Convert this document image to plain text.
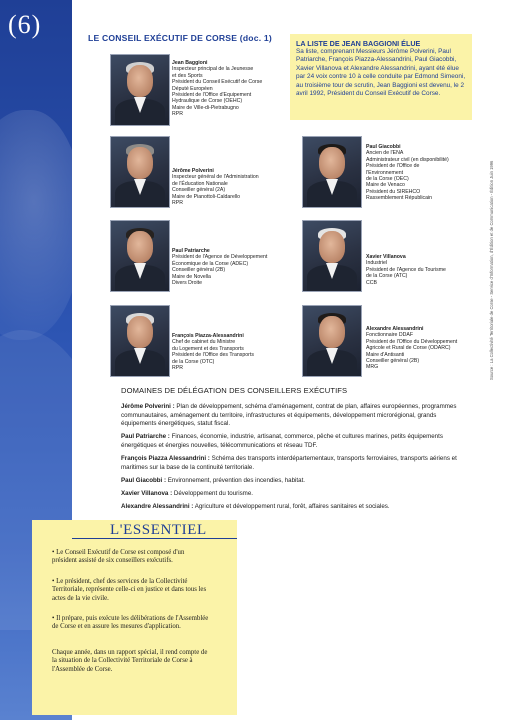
(6)	LE CONSEIL EXÉCUTIF DE CORSE (doc. 1)
LA LISTE DE JEAN BAGGIONI ÉLUE
Sa liste, comprenant Messieurs Jérôme Polverini, Paul Patriarche, François Piazza-Alessandrini, Paul Giacobbi, Xavier Villanova et Alexandre Alessandrini, ayant été élue par 24 voix contre 10 à celle conduite par Edmond Simeoni, au troisième tour de scrutin, Jean Baggioni est devenu, le 2 avril 1992, Président du Conseil Exécutif de Corse.
Jean Baggioni
Inspecteur principal de la Jeunesse
et des Sports
Président du Conseil Exécutif de Corse
Député Européen
Président de l'Office d'Equipement
Hydraulique de Corse (OEHC)
Maire de Ville-di-Pietrabugno
RPR
Jérôme Polverini
Inspecteur général de l'Administration
de l'Éducation Nationale
Conseiller général (2A)
Maire de Pianottoli-Caldarello
RPR
Paul Giacobbi
Ancien de l'ENA
Administrateur civil (en disponibilité)
Président de l'Office de
l'Environnement
de la Corse (OEC)
Maire de Venaco
Président du SIREHCO
Rassemblement Républicain
Paul Patriarche
Président de l'Agence de Développement
Économique de la Corse (ADEC)
Conseiller général (2B)
Maire de Novella
Divers Droite
Xavier Villanova
Industriel
Président de l'Agence du Tourisme
de la Corse (ATC)
CCB
François Piazza-Alessandrini
Chef de cabinet du Ministre
du Logement et des Transports
Président de l'Office des Transports
de la Corse (OTC)
RPR
Alexandre Alessandrini
Fonctionnaire DDAF
Président de l'Office du Développement
Agricole et Rural de Corse (ODARC)
Maire d'Antisanti
Conseiller général (2B)
MRG	Source : La Collectivité Territoriale de Corse - Service d'Information, d'Édition et de Communication - Édition Juin 1996
DOMAINES DE DÉLÉGATION DES CONSEILLERS EXÉCUTIFS
Jérôme Polverini : Plan de développement, schéma d'aménagement, contrat de plan, affaires européennes, programmes communautaires, aménagement du territoire, infrastructures et équipements, développement microrégional, grands équipements énergétiques, statut fiscal.
Paul Patriarche : Finances, économie, industrie, artisanat, commerce, pêche et cultures marines, petits équipements énergétiques et énergies nouvelles, télécommunications et réseau TDF.
François Piazza Alessandrini : Schéma des transports interdépartementaux, transports ferroviaires, transports aériens et maritimes sur la base de la continuité territoriale.
Paul Giacobbi : Environnement, prévention des incendies, habitat.
Xavier Villanova : Développement du tourisme.
Alexandre Alessandrini : Agriculture et développement rural, forêt, affaires sanitaires et sociales.
L'ESSENTIEL
• Le Conseil Exécutif de Corse est composé d'un président assisté de six conseillers exécutifs.
• Le président, chef des services de la Collectivité Territoriale, représente celle-ci en justice et dans tous les actes de la vie civile.
• Il prépare, puis exécute les délibérations de l'Assemblée de Corse et en assure les mesures d'application.
Chaque année, dans un rapport spécial, il rend compte de la situation de la Collectivité Territoriale de Corse à l'Assemblée de Corse.
